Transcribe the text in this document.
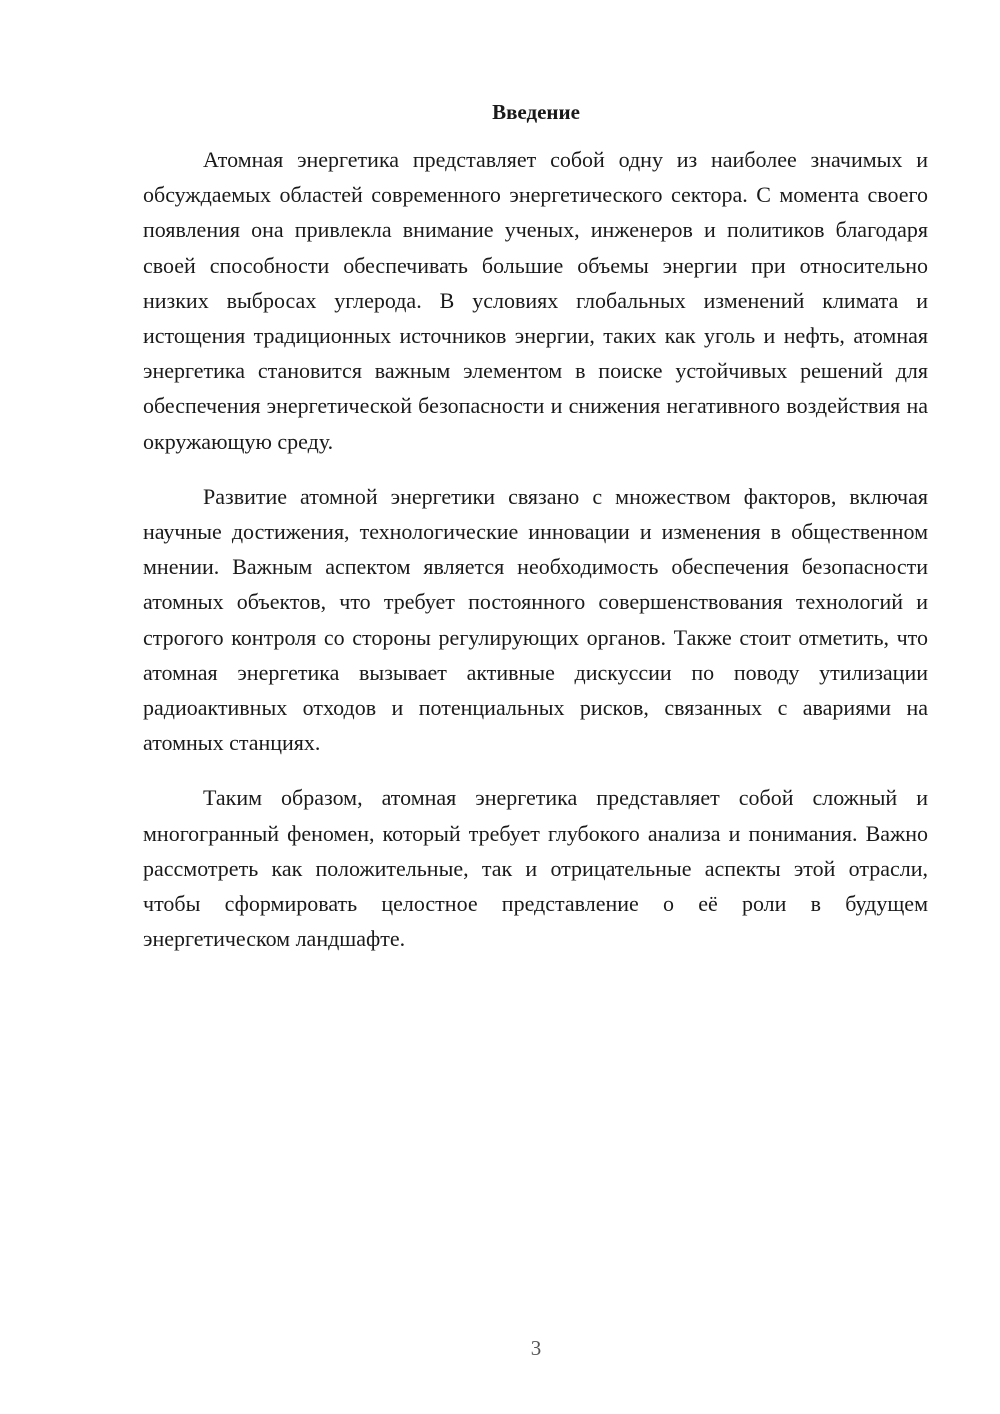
Введение

Атомная энергетика представляет собой одну из наиболее значимых и обсуждаемых областей современного энергетического сектора. С момента своего появления она привлекла внимание ученых, инженеров и политиков благодаря своей способности обеспечивать большие объемы энергии при относительно низких выбросах углерода. В условиях глобальных изменений климата и истощения традиционных источников энергии, таких как уголь и нефть, атомная энергетика становится важным элементом в поиске устойчивых решений для обеспечения энергетической безопасности и снижения негативного воздействия на окружающую среду.

Развитие атомной энергетики связано с множеством факторов, включая научные достижения, технологические инновации и изменения в общественном мнении. Важным аспектом является необходимость обеспечения безопасности атомных объектов, что требует постоянного совершенствования технологий и строгого контроля со стороны регулирующих органов. Также стоит отметить, что атомная энергетика вызывает активные дискуссии по поводу утилизации радиоактивных отходов и потенциальных рисков, связанных с авариями на атомных станциях.

Таким образом, атомная энергетика представляет собой сложный и многогранный феномен, который требует глубокого анализа и понимания. Важно рассмотреть как положительные, так и отрицательные аспекты этой отрасли, чтобы сформировать целостное представление о её роли в будущем энергетическом ландшафте.

3
